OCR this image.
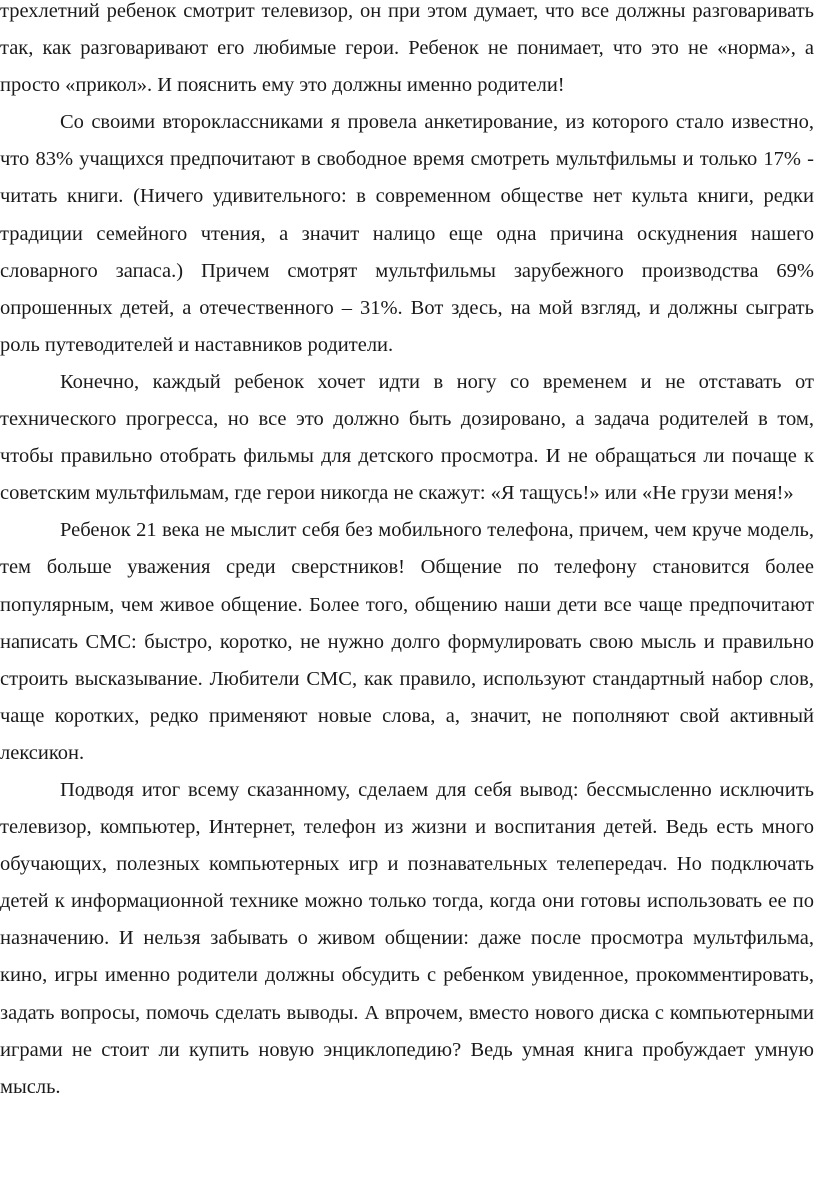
трехлетний ребенок смотрит телевизор, он при этом думает, что все должны разговаривать так, как разговаривают его любимые герои. Ребенок не понимает, что это не «норма», а просто «прикол». И пояснить ему это должны именно родители!

Со своими второклассниками я провела анкетирование, из которого стало известно, что 83% учащихся предпочитают в свободное время смотреть мультфильмы и только 17% - читать книги. (Ничего удивительного: в современном обществе нет культа книги, редки традиции семейного чтения, а значит налицо еще одна причина оскуднения нашего словарного запаса.) Причем смотрят мультфильмы зарубежного производства 69% опрошенных детей, а отечественного – 31%. Вот здесь, на мой взгляд, и должны сыграть роль путеводителей и наставников родители.

Конечно, каждый ребенок хочет идти в ногу со временем и не отставать от технического прогресса, но все это должно быть дозировано, а задача родителей в том, чтобы правильно отобрать фильмы для детского просмотра. И не обращаться ли почаще к советским мультфильмам, где герои никогда не скажут: «Я тащусь!» или «Не грузи меня!»

Ребенок 21 века не мыслит себя без мобильного телефона, причем, чем круче модель, тем больше уважения среди сверстников! Общение по телефону становится более популярным, чем живое общение. Более того, общению наши дети все чаще предпочитают написать СМС: быстро, коротко, не нужно долго формулировать свою мысль и правильно строить высказывание. Любители СМС, как правило, используют стандартный набор слов, чаще коротких, редко применяют новые слова, а, значит, не пополняют свой активный лексикон.

Подводя итог всему сказанному, сделаем для себя вывод: бессмысленно исключить телевизор, компьютер, Интернет, телефон из жизни и воспитания детей. Ведь есть много обучающих, полезных компьютерных игр и познавательных телепередач. Но подключать детей к информационной технике можно только тогда, когда они готовы использовать ее по назначению. И нельзя забывать о живом общении: даже после просмотра мультфильма, кино, игры именно родители должны обсудить с ребенком увиденное, прокомментировать, задать вопросы, помочь сделать выводы. А впрочем, вместо нового диска с компьютерными играми не стоит ли купить новую энциклопедию? Ведь умная книга пробуждает умную мысль.
